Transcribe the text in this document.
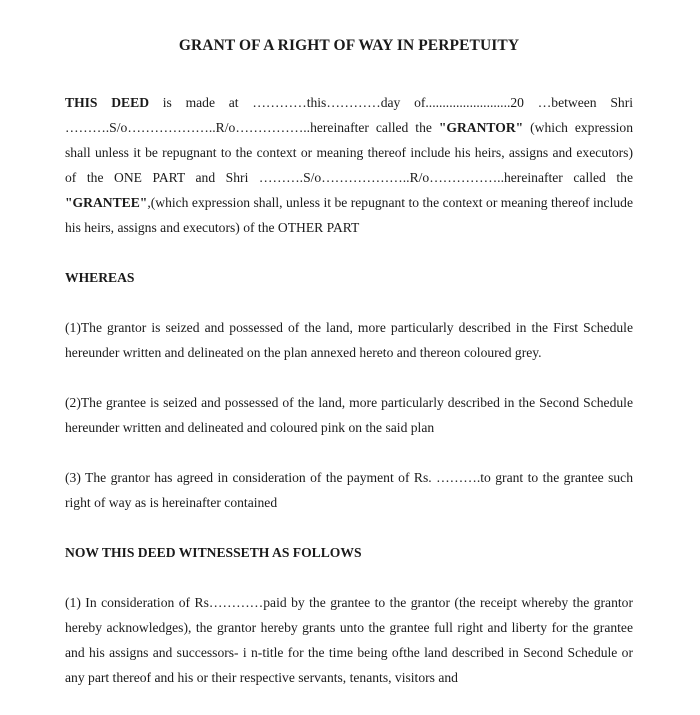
GRANT OF A RIGHT OF WAY IN PERPETUITY

THIS DEED is made at …………this…………day of.........................20 …between Shri ……….S/o………………..R/o……………..hereinafter called the "GRANTOR" (which expression shall unless it be repugnant to the context or meaning thereof include his heirs, assigns and executors) of the ONE PART and Shri ……….S/o………………..R/o……………..hereinafter called the "GRANTEE",(which expression shall, unless it be repugnant to the context or meaning thereof include his heirs, assigns and executors) of the OTHER PART

WHEREAS

(1)The grantor is seized and possessed of the land, more particularly described in the First Schedule hereunder written and delineated on the plan annexed hereto and thereon coloured grey.

(2)The grantee is seized and possessed of the land, more particularly described in the Second Schedule hereunder written and delineated and coloured pink on the said plan

(3) The grantor has agreed in consideration of the payment of Rs. ……….to grant to the grantee such right of way as is hereinafter contained

NOW THIS DEED WITNESSETH AS FOLLOWS

(1) In consideration of Rs…………paid by the grantee to the grantor (the receipt whereby the grantor hereby acknowledges), the grantor hereby grants unto the grantee full right and liberty for the grantee and his assigns and successors- i n-title for the time being ofthe land described in Second Schedule or any part thereof and his or their respective servants, tenants, visitors and
